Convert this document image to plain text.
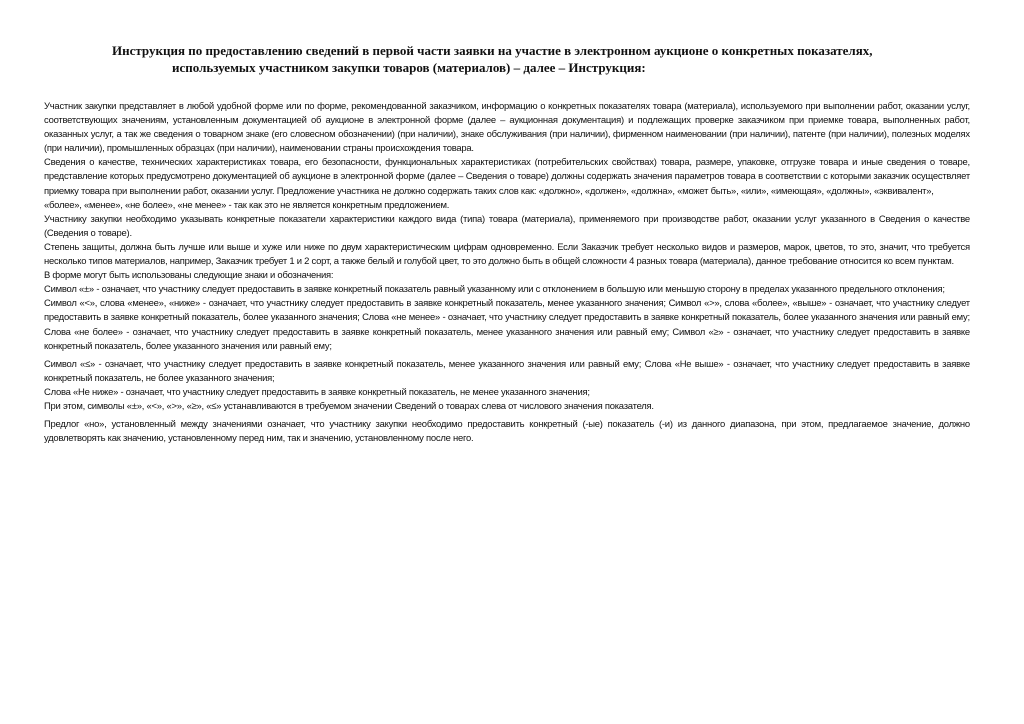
Инструкция по предоставлению сведений в первой части заявки на участие в электронном аукционе о конкретных показателях,
используемых участником закупки товаров (материалов) – далее – Инструкция:

Участник закупки представляет в любой удобной форме или по форме, рекомендованной заказчиком, информацию о конкретных показателях товара (материала), используемого при выполнении работ, оказании услуг, соответствующих значениям, установленным документацией об аукционе в электронной форме (далее – аукционная документация) и подлежащих проверке заказчиком при приемке товара, выполненных работ, оказанных услуг, а так же сведения о товарном знаке (его словесном обозначении) (при наличии), знаке обслуживания (при наличии), фирменном наименовании (при наличии), патенте (при наличии), полезных моделях (при наличии), промышленных образцах (при наличии), наименовании страны происхождения товара.

Сведения о качестве, технических характеристиках товара, его безопасности, функциональных характеристиках (потребительских свойствах) товара, размере, упаковке, отгрузке товара и иные сведения о товаре, представление которых предусмотрено документацией об аукционе в электронной форме (далее – Сведения о товаре) должны содержать значения параметров товара в соответствии с которыми заказчик осуществляет приемку товара при выполнении работ, оказании услуг. Предложение участника не должно содержать таких слов как: «должно», «должен», «должна», «может быть», «или», «имеющая», «должны», «эквивалент»,

«более», «менее», «не более», «не менее» - так как это не является конкретным предложением.

Участнику закупки необходимо указывать конкретные показатели характеристики каждого вида (типа) товара (материала), применяемого при производстве работ, оказании услуг указанного в Сведения о качестве (Сведения о товаре).

Степень защиты, должна быть лучше или выше и хуже или ниже по двум характеристическим цифрам одновременно. Если Заказчик требует несколько видов и размеров, марок, цветов, то это, значит, что требуется несколько типов материалов, например, Заказчик требует 1 и 2 сорт, а также белый и голубой цвет, то это должно быть в общей сложности 4 разных товара (материала), данное требование относится ко всем пунктам.

В форме могут быть использованы следующие знаки и обозначения:

Символ «±» - означает, что участнику следует предоставить в заявке конкретный показатель равный указанному или с отклонением в большую или меньшую сторону в пределах указанного предельного отклонения;

Символ «<», слова «менее», «ниже» - означает, что участнику следует предоставить в заявке конкретный показатель, менее указанного значения; Символ «>», слова «более», «выше» - означает, что участнику следует предоставить в заявке конкретный показатель, более указанного значения; Слова «не менее» - означает, что участнику следует предоставить в заявке конкретный показатель, более указанного значения или равный ему; Слова «не более» - означает, что участнику следует предоставить в заявке конкретный показатель, менее указанного значения или равный ему; Символ «≥» - означает, что участнику следует предоставить в заявке конкретный показатель, более указанного значения или равный ему;

Символ «≤» - означает, что участнику следует предоставить в заявке конкретный показатель, менее указанного значения или равный ему; Слова «Не выше» - означает, что участнику следует предоставить в заявке конкретный показатель, не более указанного значения;

Слова «Не ниже» - означает, что участнику следует предоставить в заявке конкретный показатель, не менее указанного значения;

При этом, символы «±», «<», «>», «≥», «≤» устанавливаются в требуемом значении Сведений о товарах слева от числового значения показателя.

Предлог «но», установленный между значениями означает, что участнику закупки необходимо предоставить конкретный (-ые) показатель (-и) из данного диапазона, при этом, предлагаемое значение, должно удовлетворять как значению, установленному перед ним, так и значению, установленному после него.
